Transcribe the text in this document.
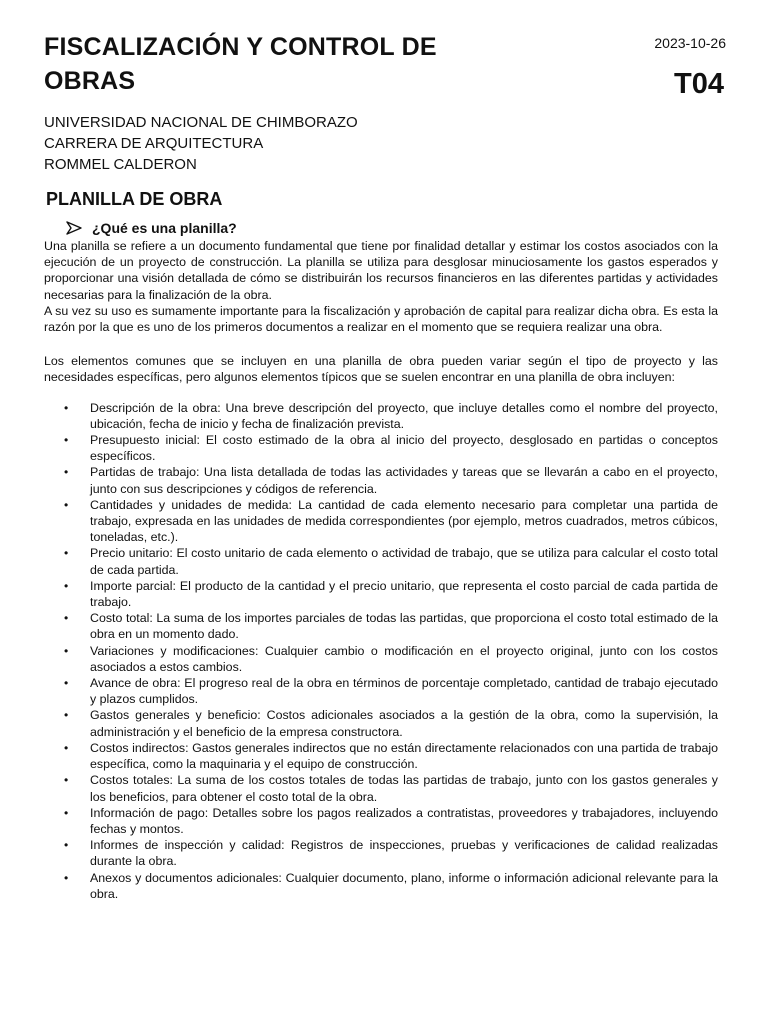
FISCALIZACIÓN Y CONTROL DE OBRAS
2023-10-26
T04
UNIVERSIDAD NACIONAL DE CHIMBORAZO
CARRERA DE ARQUITECTURA
ROMMEL CALDERON
PLANILLA DE OBRA
¿Qué es una planilla?

Una planilla se refiere a un documento fundamental que tiene por finalidad detallar y estimar los costos asociados con la ejecución de un proyecto de construcción. La planilla se utiliza para desglosar minuciosamente los gastos esperados y proporcionar una visión detallada de cómo se distribuirán los recursos financieros en las diferentes partidas y actividades necesarias para la finalización de la obra.

A su vez su uso es sumamente importante para la fiscalización y aprobación de capital para realizar dicha obra. Es esta la razón por la que es uno de los primeros documentos a realizar en el momento que se requiera realizar una obra.

Los elementos comunes que se incluyen en una planilla de obra pueden variar según el tipo de proyecto y las necesidades específicas, pero algunos elementos típicos que se suelen encontrar en una planilla de obra incluyen:

• Descripción de la obra: Una breve descripción del proyecto, que incluye detalles como el nombre del proyecto, ubicación, fecha de inicio y fecha de finalización prevista.
• Presupuesto inicial: El costo estimado de la obra al inicio del proyecto, desglosado en partidas o conceptos específicos.
• Partidas de trabajo: Una lista detallada de todas las actividades y tareas que se llevarán a cabo en el proyecto, junto con sus descripciones y códigos de referencia.
• Cantidades y unidades de medida: La cantidad de cada elemento necesario para completar una partida de trabajo, expresada en las unidades de medida correspondientes (por ejemplo, metros cuadrados, metros cúbicos, toneladas, etc.).
• Precio unitario: El costo unitario de cada elemento o actividad de trabajo, que se utiliza para calcular el costo total de cada partida.
• Importe parcial: El producto de la cantidad y el precio unitario, que representa el costo parcial de cada partida de trabajo.
• Costo total: La suma de los importes parciales de todas las partidas, que proporciona el costo total estimado de la obra en un momento dado.
• Variaciones y modificaciones: Cualquier cambio o modificación en el proyecto original, junto con los costos asociados a estos cambios.
• Avance de obra: El progreso real de la obra en términos de porcentaje completado, cantidad de trabajo ejecutado y plazos cumplidos.
• Gastos generales y beneficio: Costos adicionales asociados a la gestión de la obra, como la supervisión, la administración y el beneficio de la empresa constructora.
• Costos indirectos: Gastos generales indirectos que no están directamente relacionados con una partida de trabajo específica, como la maquinaria y el equipo de construcción.
• Costos totales: La suma de los costos totales de todas las partidas de trabajo, junto con los gastos generales y los beneficios, para obtener el costo total de la obra.
• Información de pago: Detalles sobre los pagos realizados a contratistas, proveedores y trabajadores, incluyendo fechas y montos.
• Informes de inspección y calidad: Registros de inspecciones, pruebas y verificaciones de calidad realizadas durante la obra.
• Anexos y documentos adicionales: Cualquier documento, plano, informe o información adicional relevante para la obra.
